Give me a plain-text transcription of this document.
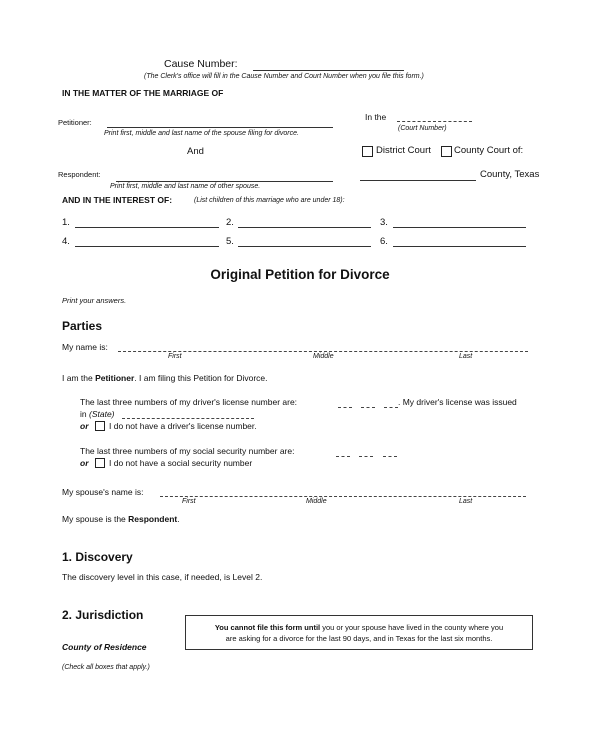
Cause Number:
(The Clerk's office will fill in the Cause Number and Court Number when you file this form.)
IN THE MATTER OF THE MARRIAGE OF
Petitioner:
Print first, middle and last name of the spouse filing for divorce.
In the
(Court Number)
And	District Court County Court of:
Respondent:
Print first, middle and last name of other spouse.
County, Texas
AND IN THE INTEREST OF:	(List children of this marriage who are under 18):
1.	2.	3.
4.	5.	6.
Original Petition for Divorce
Print your answers.
Parties
My name is:
First	Middle	Last
I am the Petitioner. I am filing this Petition for Divorce.
The last three numbers of my driver's license number are:	. My driver's license was issued
in (State)
or I do not have a driver's license number.
The last three numbers of my social security number are:
or I do not have a social security number
My spouse's name is:
First	Middle	Last
My spouse is the Respondent.
1. Discovery
The discovery level in this case, if needed, is Level 2.
2. Jurisdiction
You cannot file this form until you or your spouse have lived in the county where you
are asking for a divorce for the last 90 days, and in Texas for the last six months.
County of Residence
(Check all boxes that apply.)
